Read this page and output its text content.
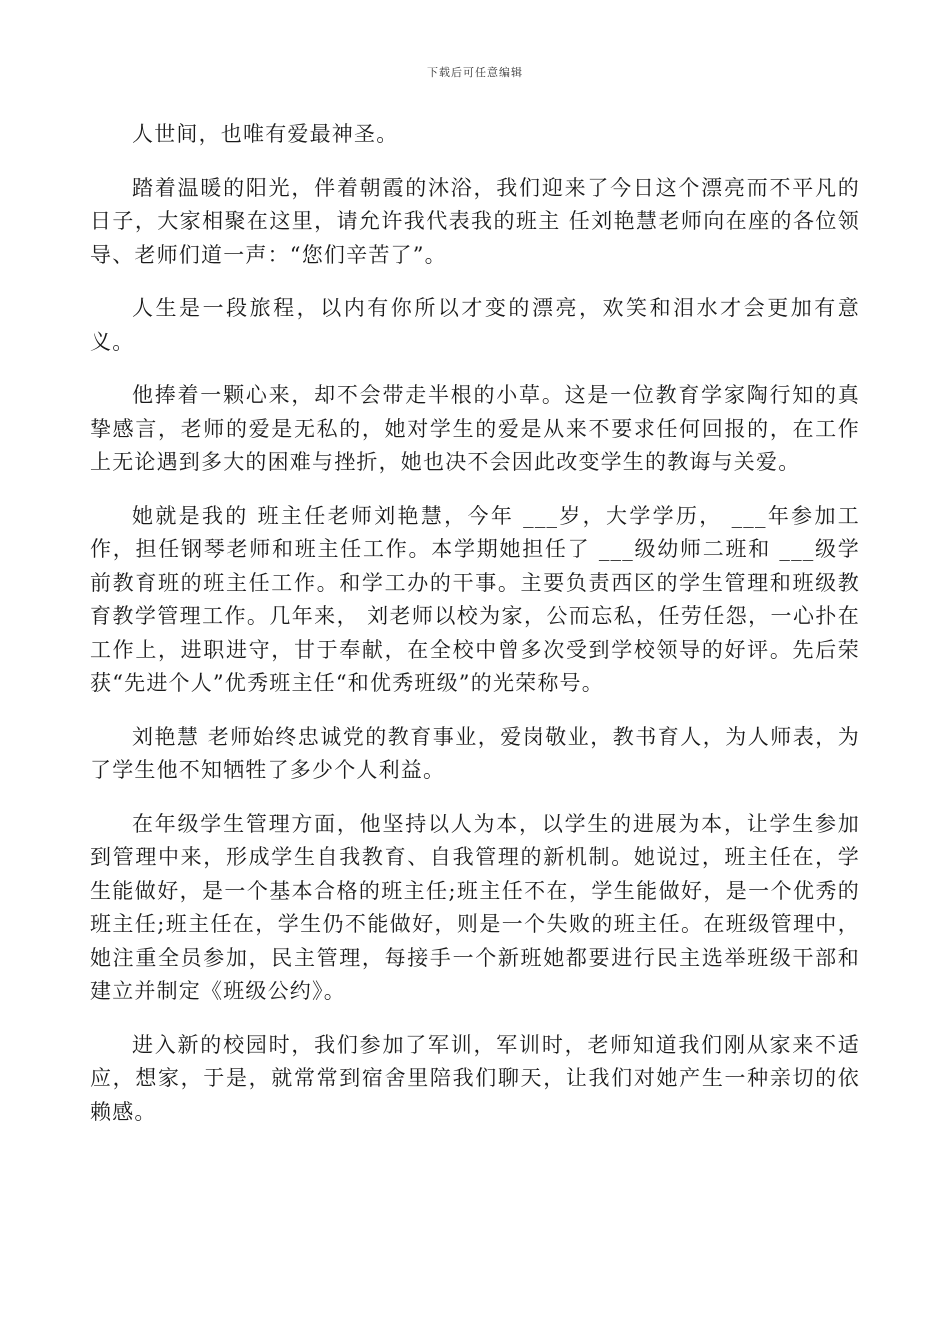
下载后可任意编辑

人世间，也唯有爱最神圣。

踏着温暖的阳光，伴着朝霞的沐浴，我们迎来了今日这个漂亮而不平凡的日子，大家相聚在这里，请允许我代表我的班主 任刘艳慧老师向在座的各位领导、老师们道一声：“您们辛苦了”。

人生是一段旅程，以内有你所以才变的漂亮，欢笑和泪水才会更加有意义。

他捧着一颗心来，却不会带走半根的小草。这是一位教育学家陶行知的真挚感言，老师的爱是无私的，她对学生的爱是从来不要求任何回报的，在工作上无论遇到多大的困难与挫折，她也决不会因此改变学生的教诲与关爱。

她就是我的 班主任老师刘艳慧，今年 ___岁，大学学历， ___年参加工作，担任钢琴老师和班主任工作。本学期她担任了 ___级幼师二班和 ___级学前教育班的班主任工作。和学工办的干事。主要负责西区的学生管理和班级教育教学管理工作。几年来， 刘老师以校为家，公而忘私，任劳任怨，一心扑在工作上，进职进守，甘于奉献，在全校中曾多次受到学校领导的好评。先后荣获“先进个人”优秀班主任“和优秀班级”的光荣称号。

刘艳慧 老师始终忠诚党的教育事业，爱岗敬业，教书育人，为人师表，为了学生他不知牺牲了多少个人利益。

在年级学生管理方面，他坚持以人为本，以学生的进展为本，让学生参加到管理中来，形成学生自我教育、自我管理的新机制。她说过，班主任在，学生能做好，是一个基本合格的班主任;班主任不在，学生能做好，是一个优秀的班主任;班主任在，学生仍不能做好，则是一个失败的班主任。在班级管理中，她注重全员参加，民主管理，每接手一个新班她都要进行民主选举班级干部和建立并制定《班级公约》。

进入新的校园时，我们参加了军训，军训时，老师知道我们刚从家来不适应，想家，于是，就常常到宿舍里陪我们聊天，让我们对她产生一种亲切的依赖感。
